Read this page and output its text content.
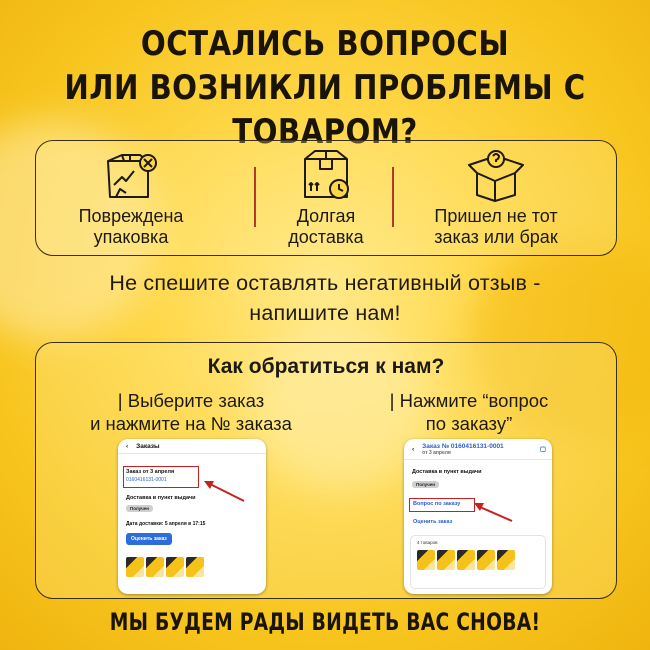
ОСТАЛИСЬ ВОПРОСЫ
ИЛИ ВОЗНИКЛИ ПРОБЛЕМЫ С ТОВАРОМ?
Повреждена
упаковка
Долгая
доставка
Пришел не тот
заказ или брак
Не спешите оставлять негативный отзыв -
напишите нам!
Как обратиться к нам?
| Выберите заказ
и нажмите на № заказа
| Нажмите “вопрос
по заказу”
‹ Заказы
Заказ от 3 апреля
0160416131-0001
Доставка в пункт выдачи
Получен
Дата доставки: 5 апреля в 17:15
Оценить заказ
‹ Заказ № 0160416131-0001
от 3 апреля	▢
Доставка в пункт выдачи
Получен
Вопрос по заказу
Оценить заказ
4 товаров
МЫ БУДЕМ РАДЫ ВИДЕТЬ ВАС СНОВА!
